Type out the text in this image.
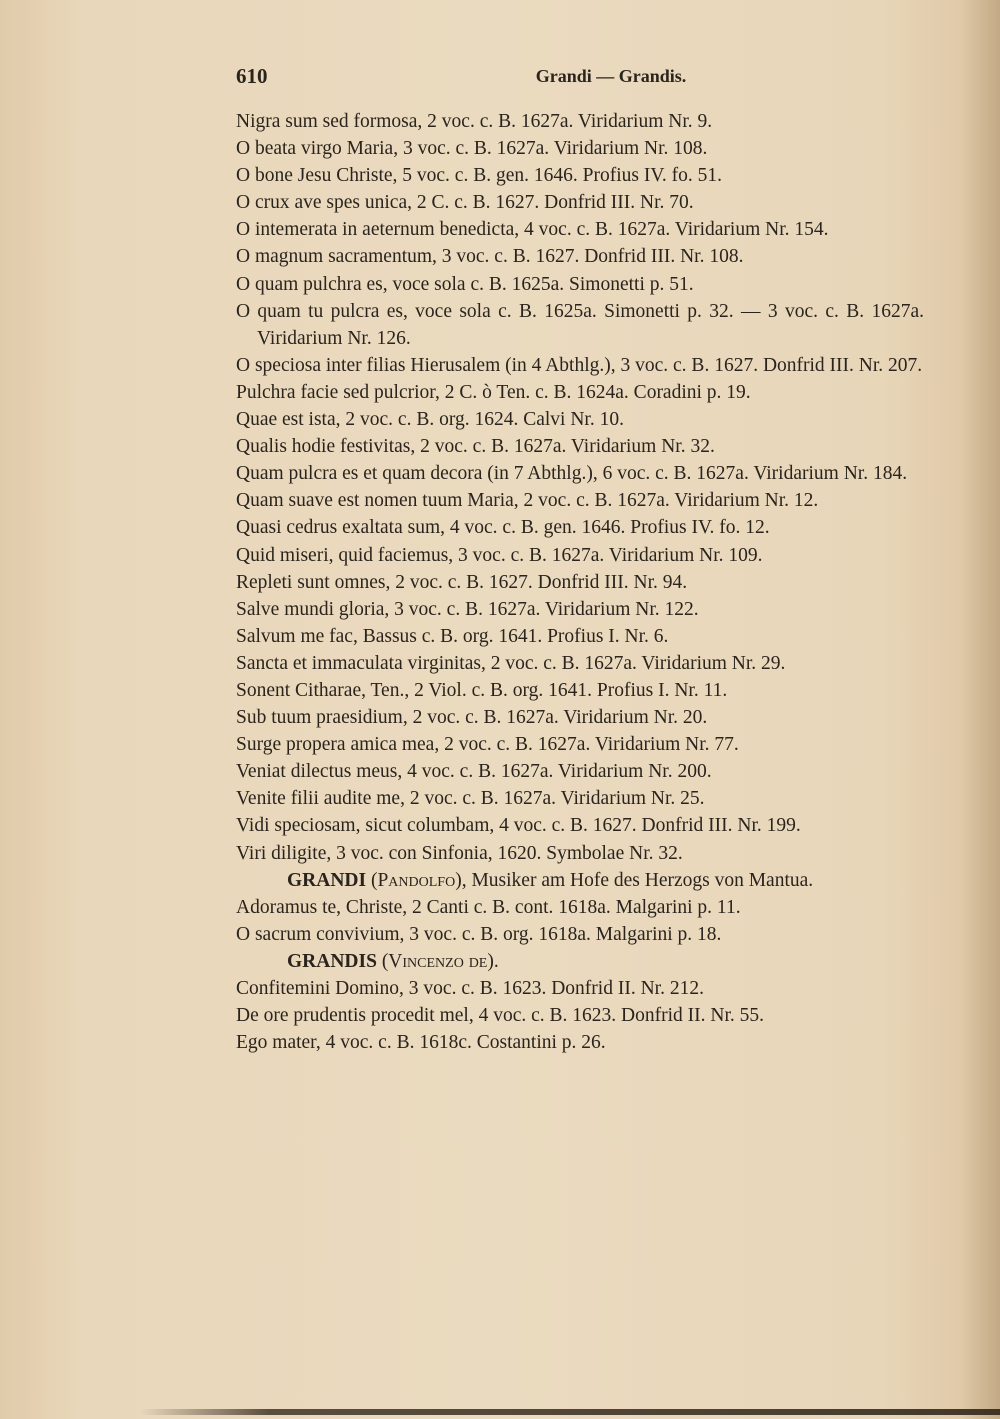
610	Grandi — Grandis.

Nigra sum sed formosa, 2 voc. c. B. 1627a. Viridarium Nr. 9.

O beata virgo Maria, 3 voc. c. B. 1627a. Viridarium Nr. 108.

O bone Jesu Christe, 5 voc. c. B. gen. 1646. Profius IV. fo. 51.

O crux ave spes unica, 2 C. c. B. 1627. Donfrid III. Nr. 70.

O intemerata in aeternum benedicta, 4 voc. c. B. 1627a. Viridarium Nr. 154.

O magnum sacramentum, 3 voc. c. B. 1627. Donfrid III. Nr. 108.

O quam pulchra es, voce sola c. B. 1625a. Simonetti p. 51.

O quam tu pulcra es, voce sola c. B. 1625a. Simonetti p. 32. — 3 voc. c. B. 1627a. Viridarium Nr. 126.

O speciosa inter filias Hierusalem (in 4 Abthlg.), 3 voc. c. B. 1627. Donfrid III. Nr. 207.

Pulchra facie sed pulcrior, 2 C. ò Ten. c. B. 1624a. Coradini p. 19.

Quae est ista, 2 voc. c. B. org. 1624. Calvi Nr. 10.

Qualis hodie festivitas, 2 voc. c. B. 1627a. Viridarium Nr. 32.

Quam pulcra es et quam decora (in 7 Abthlg.), 6 voc. c. B. 1627a. Viridarium Nr. 184.

Quam suave est nomen tuum Maria, 2 voc. c. B. 1627a. Viridarium Nr. 12.

Quasi cedrus exaltata sum, 4 voc. c. B. gen. 1646. Profius IV. fo. 12.

Quid miseri, quid faciemus, 3 voc. c. B. 1627a. Viridarium Nr. 109.

Repleti sunt omnes, 2 voc. c. B. 1627. Donfrid III. Nr. 94.

Salve mundi gloria, 3 voc. c. B. 1627a. Viridarium Nr. 122.

Salvum me fac, Bassus c. B. org. 1641. Profius I. Nr. 6.

Sancta et immaculata virginitas, 2 voc. c. B. 1627a. Viridarium Nr. 29.

Sonent Citharae, Ten., 2 Viol. c. B. org. 1641. Profius I. Nr. 11.

Sub tuum praesidium, 2 voc. c. B. 1627a. Viridarium Nr. 20.

Surge propera amica mea, 2 voc. c. B. 1627a. Viridarium Nr. 77.

Veniat dilectus meus, 4 voc. c. B. 1627a. Viridarium Nr. 200.

Venite filii audite me, 2 voc. c. B. 1627a. Viridarium Nr. 25.

Vidi speciosam, sicut columbam, 4 voc. c. B. 1627. Donfrid III. Nr. 199.

Viri diligite, 3 voc. con Sinfonia, 1620. Symbolae Nr. 32.

GRANDI (Pandolfo), Musiker am Hofe des Herzogs von Mantua.

Adoramus te, Christe, 2 Canti c. B. cont. 1618a. Malgarini p. 11.

O sacrum convivium, 3 voc. c. B. org. 1618a. Malgarini p. 18.

GRANDIS (Vincenzo de).

Confitemini Domino, 3 voc. c. B. 1623. Donfrid II. Nr. 212.

De ore prudentis procedit mel, 4 voc. c. B. 1623. Donfrid II. Nr. 55.

Ego mater, 4 voc. c. B. 1618c. Costantini p. 26.
